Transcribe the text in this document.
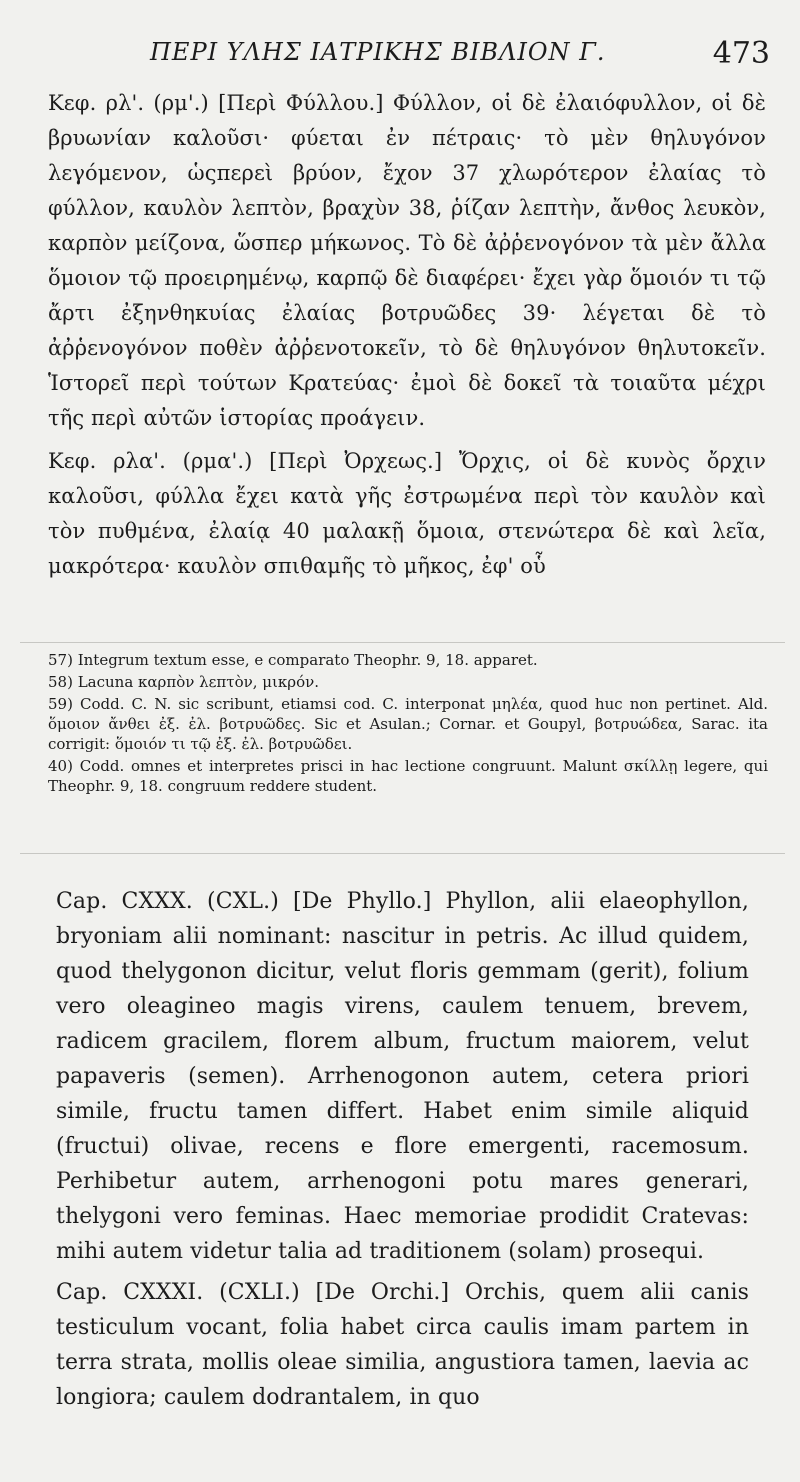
ΠΕΡΙ ΥΛΗΣ ΙΑΤΡΙΚΗΣ ΒΙΒΛΙΟΝ Γ.	473

Κεφ. ρλ'. (ρμ'.) [Περὶ Φύλλου.] Φύλλον, οἱ δὲ ἐλαιόφυλλον, οἱ δὲ βρυωνίαν καλοῦσι· φύεται ἐν πέτραις· τὸ μὲν θηλυγόνον λεγόμενον, ὡςπερεὶ βρύον, ἔχον 37 χλωρότερον ἐλαίας τὸ φύλλον, καυλὸν λεπτὸν, βραχὺν 38, ῥίζαν λεπτὴν, ἄνθος λευκὸν, καρπὸν μείζονα, ὥσπερ μήκωνος. Τὸ δὲ ἀῤῥενογόνον τὰ μὲν ἄλλα ὅμοιον τῷ προειρημένῳ, καρπῷ δὲ διαφέρει· ἔχει γὰρ ὅμοιόν τι τῷ ἄρτι ἐξηνθηκυίας ἐλαίας βοτρυῶδες 39· λέγεται δὲ τὸ ἀῤῥενογόνον ποθὲν ἀῤῥενοτοκεῖν, τὸ δὲ θηλυγόνον θηλυτοκεῖν. Ἱστορεῖ περὶ τούτων Κρατεύας· ἐμοὶ δὲ δοκεῖ τὰ τοιαῦτα μέχρι τῆς περὶ αὐτῶν ἱστορίας προάγειν.

Κεφ. ρλα'. (ρμα'.) [Περὶ Ὀρχεως.] Ὄρχις, οἱ δὲ κυνὸς ὄρχιν καλοῦσι, φύλλα ἔχει κατὰ γῆς ἐστρωμένα περὶ τὸν καυλὸν καὶ τὸν πυθμένα, ἐλαίᾳ 40 μαλακῇ ὅμοια, στενώτερα δὲ καὶ λεῖα, μακρότερα· καυλὸν σπιθαμῆς τὸ μῆκος, ἐφ' οὗ

57) Integrum textum esse, e comparato Theophr. 9, 18. apparet.

58) Lacuna καρπὸν λεπτὸν, μικρόν.

59) Codd. C. N. sic scribunt, etiamsi cod. C. interponat μηλέα, quod huc non pertinet. Ald. ὅμοιον ἄνθει ἐξ. ἐλ. βοτρυῶδες. Sic et Asulan.; Cornar. et Goupyl, βοτρυώδεα, Sarac. ita corrigit: ὅμοιόν τι τῷ ἐξ. ἐλ. βοτρυῶδει.

40) Codd. omnes et interpretes prisci in hac lectione congruunt. Malunt σκίλλῃ legere, qui Theophr. 9, 18. congruum reddere student.

Cap. CXXX. (CXL.) [De Phyllo.] Phyllon, alii elaeophyllon, bryoniam alii nominant: nascitur in petris. Ac illud quidem, quod thelygonon dicitur, velut floris gemmam (gerit), folium vero oleagineo magis virens, caulem tenuem, brevem, radicem gracilem, florem album, fructum maiorem, velut papaveris (semen). Arrhenogonon autem, cetera priori simile, fructu tamen differt. Habet enim simile aliquid (fructui) olivae, recens e flore emergenti, racemosum. Perhibetur autem, arrhenogoni potu mares generari, thelygoni vero feminas. Haec memoriae prodidit Cratevas: mihi autem videtur talia ad traditionem (solam) prosequi.

Cap. CXXXI. (CXLI.) [De Orchi.] Orchis, quem alii canis testiculum vocant, folia habet circa caulis imam partem in terra strata, mollis oleae similia, angustiora tamen, laevia ac longiora; caulem dodrantalem, in quo
